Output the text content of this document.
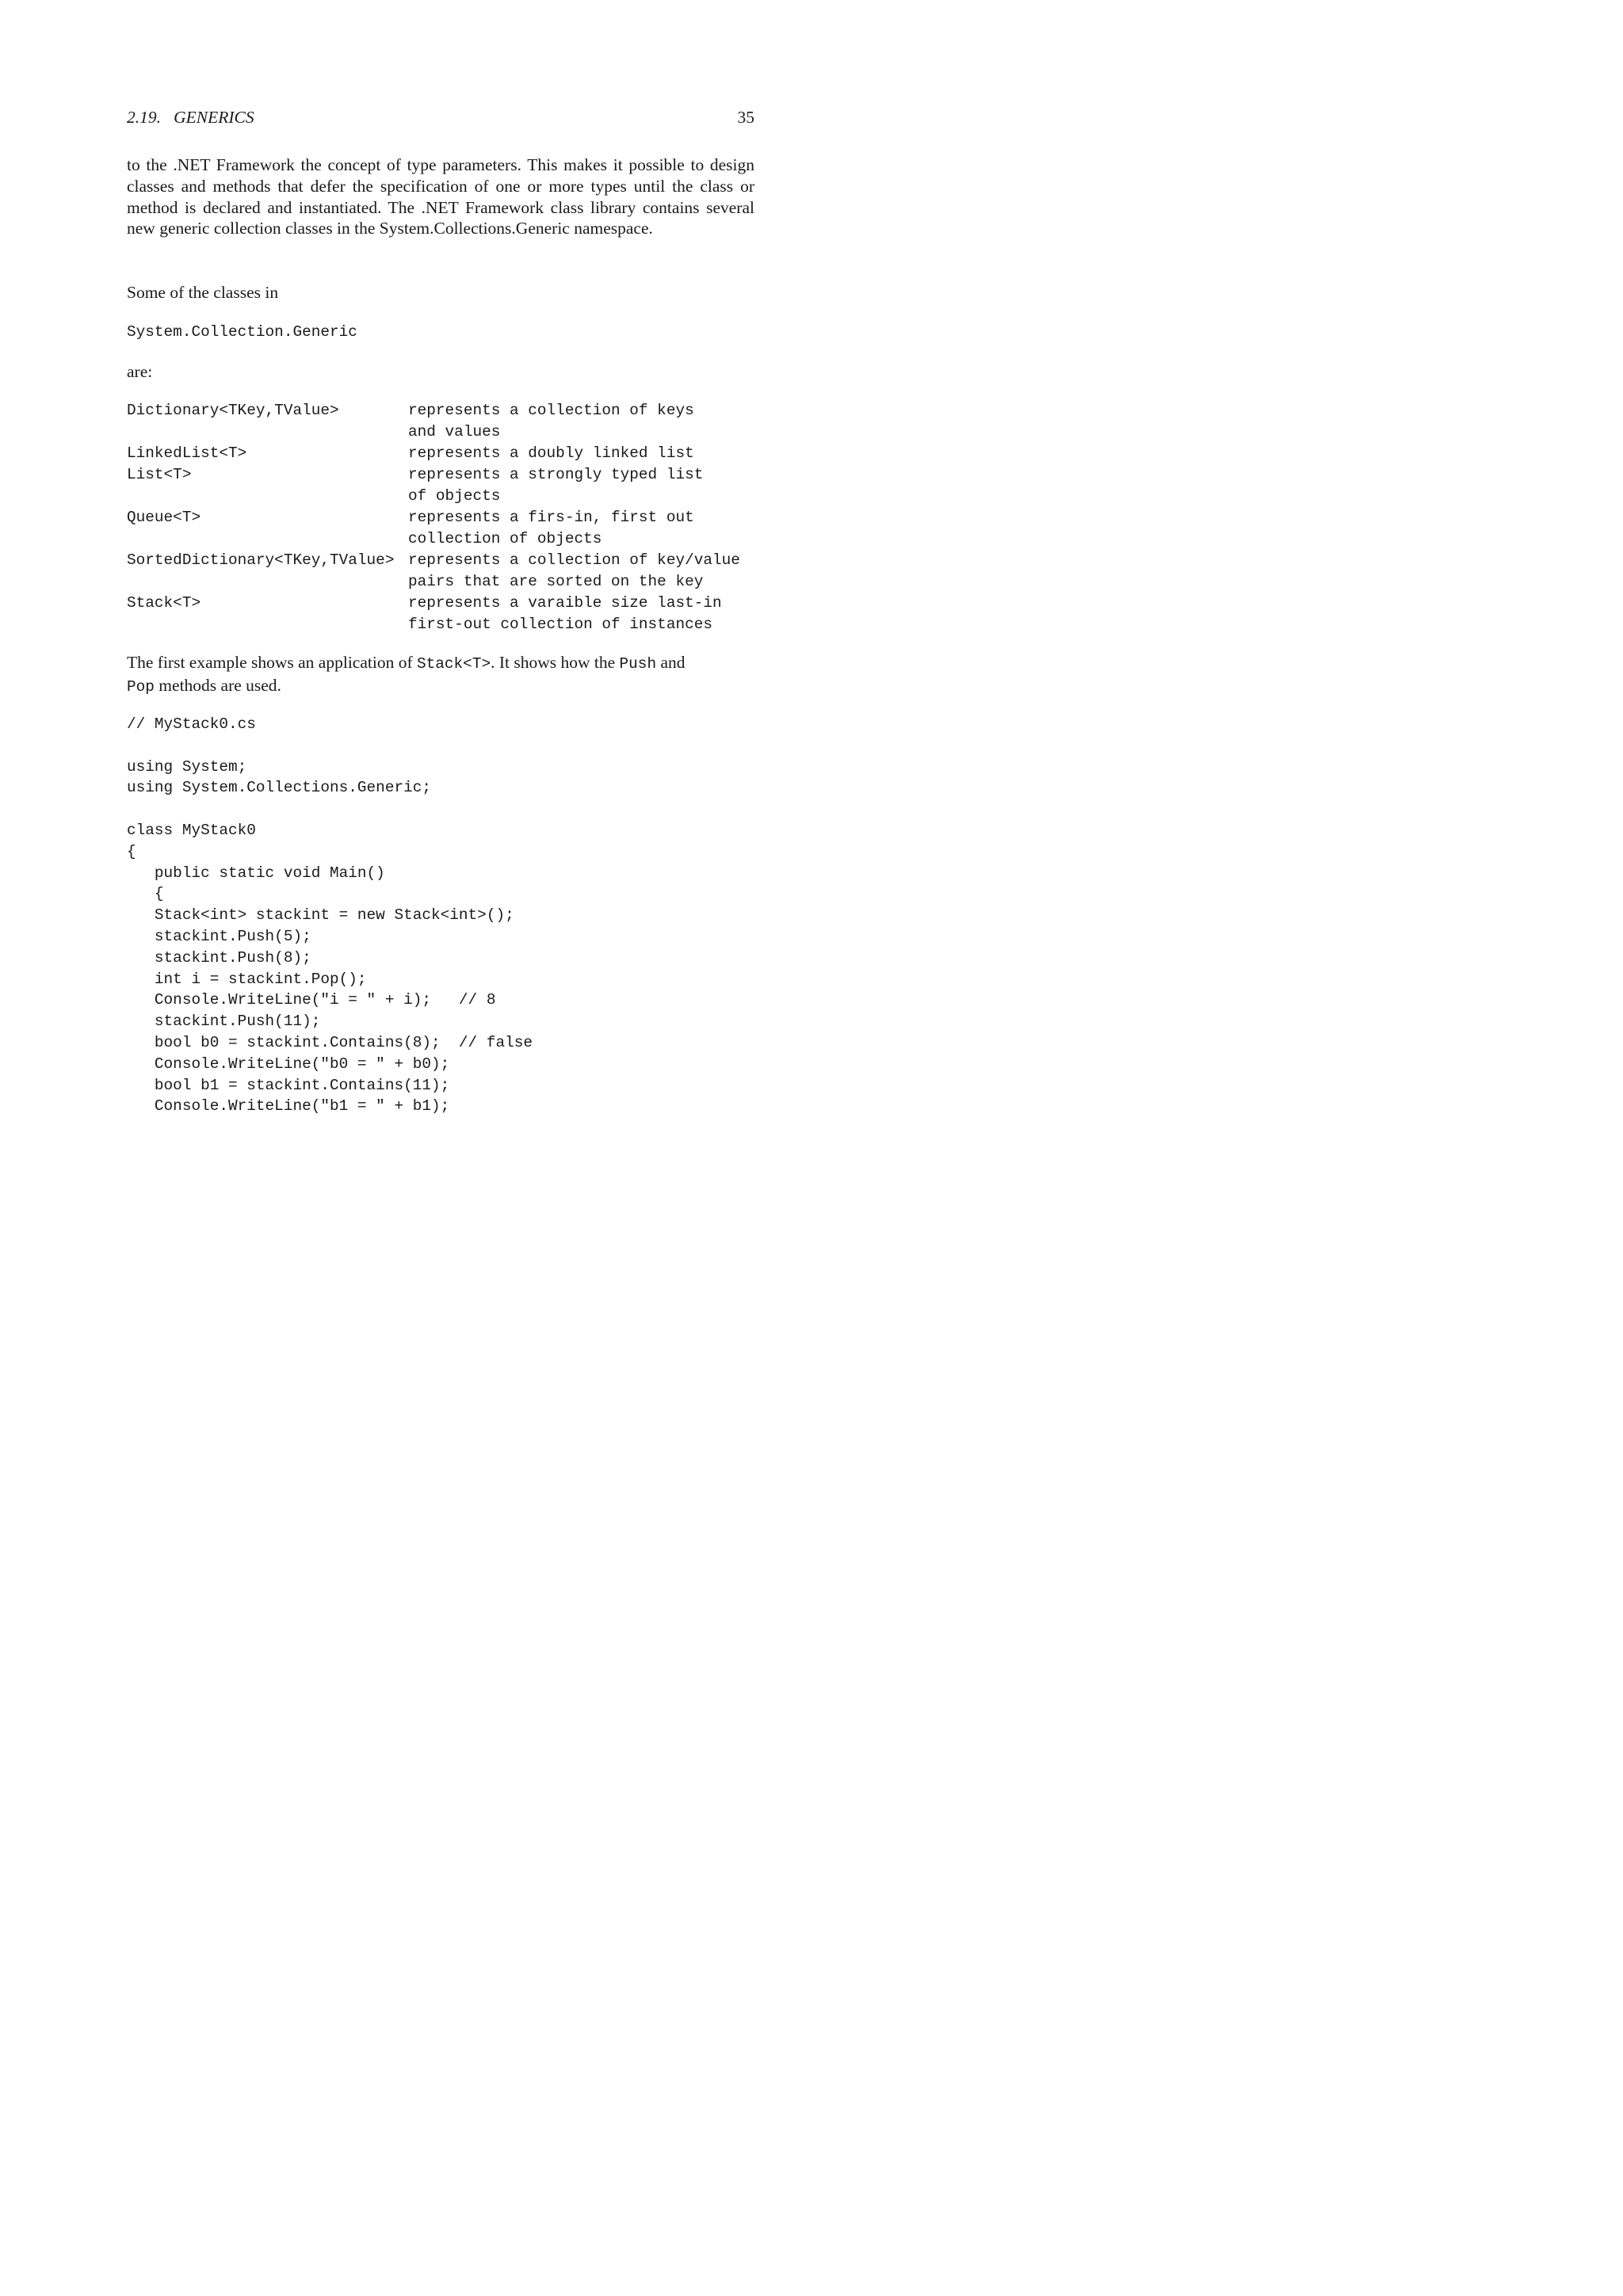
2.19.   GENERICS	35
to the .NET Framework the concept of type parameters. This makes it possible to design classes and methods that defer the specification of one or more types until the class or method is declared and instantiated. The .NET Framework class library contains several new generic collection classes in the System.Collections.Generic namespace.
Some of the classes in
System.Collection.Generic
are:
Dictionary<TKey,TValue>	represents a collection of keys
and values
LinkedList<T>	represents a doubly linked list
List<T>	represents a strongly typed list
of objects
Queue<T>	represents a firs-in, first out
collection of objects
SortedDictionary<TKey,TValue> represents a collection of key/value
pairs that are sorted on the key
Stack<T>	represents a varaible size last-in
first-out collection of instances
The first example shows an application of Stack<T>. It shows how the Push and
Pop methods are used.
// MyStack0.cs
using System;
using System.Collections.Generic;
class MyStack0
{
public static void Main()
{
Stack<int> stackint = new Stack<int>();
stackint.Push(5);
stackint.Push(8);
int i = stackint.Pop();
Console.WriteLine("i = " + i);   // 8
stackint.Push(11);
bool b0 = stackint.Contains(8);  // false
Console.WriteLine("b0 = " + b0);
bool b1 = stackint.Contains(11);
Console.WriteLine("b1 = " + b1);
